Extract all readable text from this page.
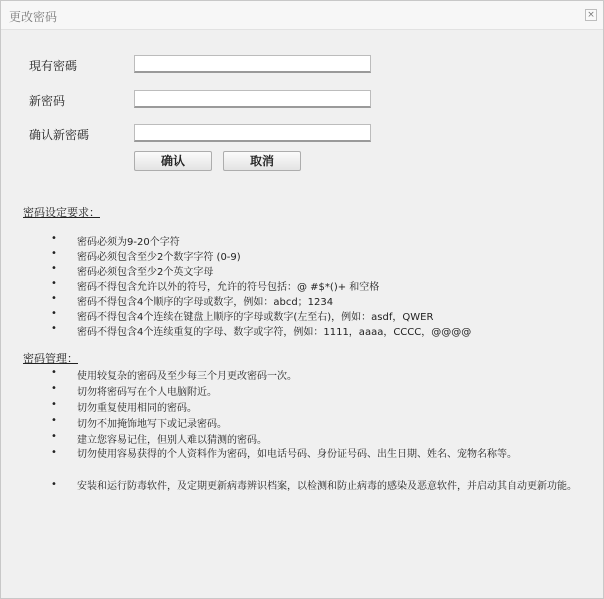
更改密码	×
現有密碼
新密码
确认新密碼
确认	取消
密码设定要求：
• 密码必须为9-20个字符
• 密码必须包含至少2个数字字符 (0-9)
• 密码必须包含至少2个英文字母
• 密码不得包含允许以外的符号，允许的符号包括：@ #$*()+ 和空格
• 密码不得包含4个顺序的字母或数字，例如：abcd；1234
• 密码不得包含4个连续在键盘上顺序的字母或数字(左至右)，例如：asdf，QWER
• 密码不得包含4个连续重复的字母、数字或字符，例如：1111，aaaa，CCCC，@@@@
密码管理：
• 使用较复杂的密码及至少每三个月更改密码一次。
• 切勿将密码写在个人电脑附近。
• 切勿重复使用相同的密码。
• 切勿不加掩饰地写下或记录密码。
• 建立您容易记住，但别人难以猜测的密码。
• 切勿使用容易获得的个人资料作为密码，如电话号码、身份证号码、出生日期、姓名、宠物名称等。
• 安装和运行防毒软件，及定期更新病毒辨识档案，以检测和防止病毒的感染及恶意软件，并启动其自动更新功能。
